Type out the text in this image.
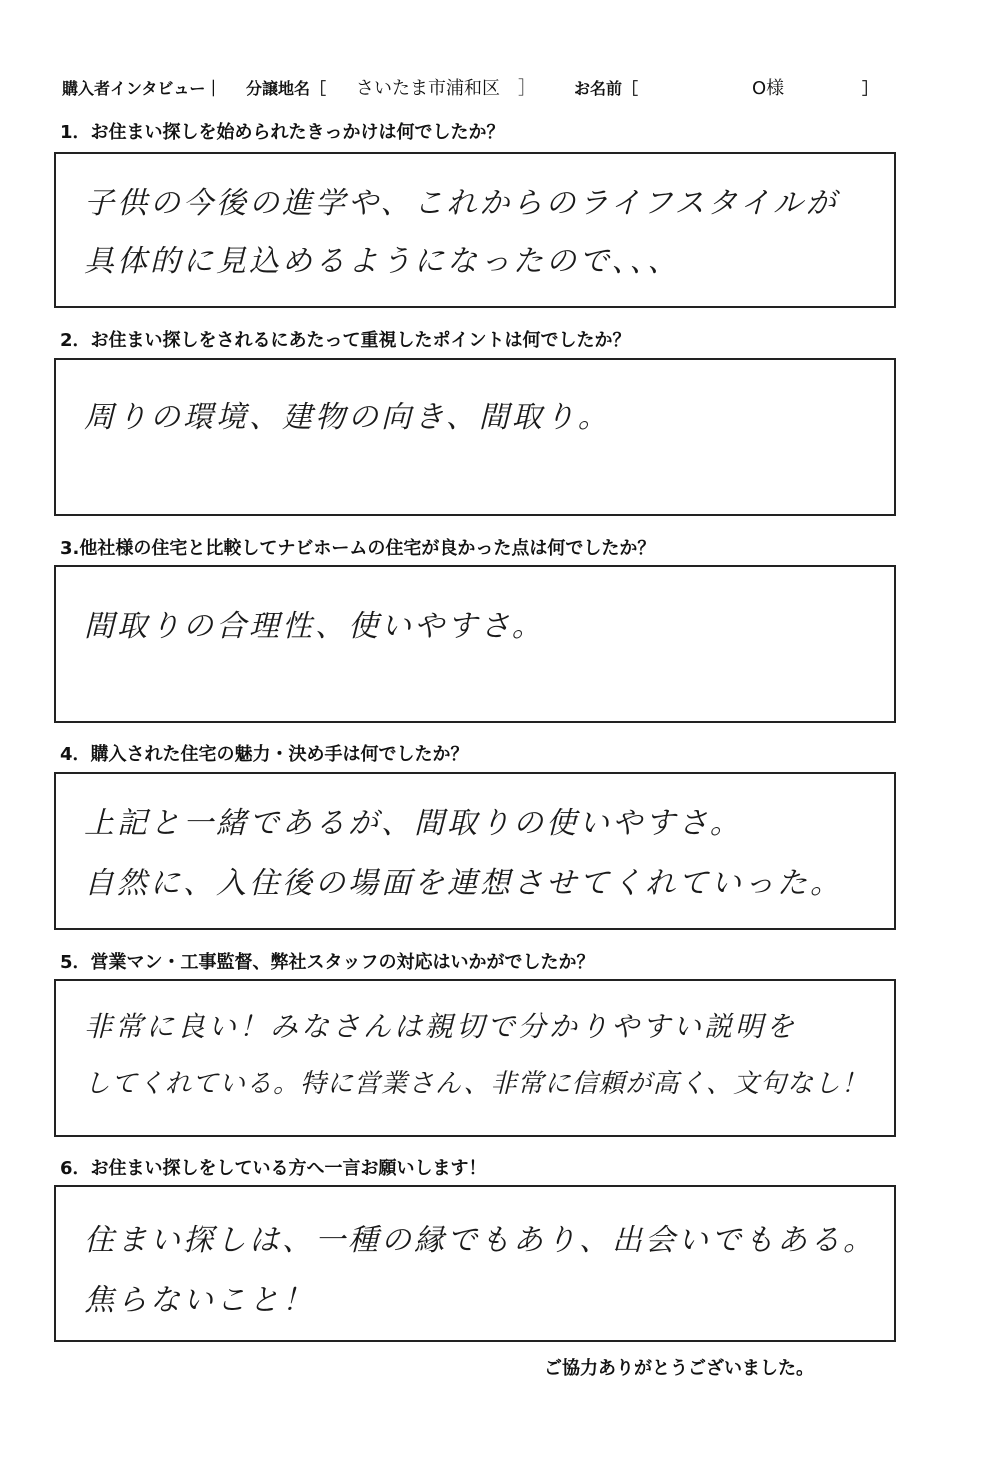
購入者インタビュー｜ 分譲地名［ さいたま市浦和区　］ お名前［	O様	］
1．お住まい探しを始められたきっかけは何でしたか？
子供の今後の進学や、これからのライフスタイルが
具体的に見込めるようになったので、、、
2．お住まい探しをされるにあたって重視したポイントは何でしたか？
周りの環境、建物の向き、間取り。
3.他社様の住宅と比較してナビホームの住宅が良かった点は何でしたか？
間取りの合理性、使いやすさ。
4．購入された住宅の魅力・決め手は何でしたか？
上記と一緒であるが、間取りの使いやすさ。
自然に、入住後の場面を連想させてくれていった。
5．営業マン・工事監督、弊社スタッフの対応はいかがでしたか？
非常に良い！みなさんは親切で分かりやすい説明を
してくれている。特に営業さん、非常に信頼が高く、文句なし！
6．お住まい探しをしている方へ一言お願いします！
住まい探しは、一種の縁でもあり、出会いでもある。
焦らないこと！
ご協力ありがとうございました。
